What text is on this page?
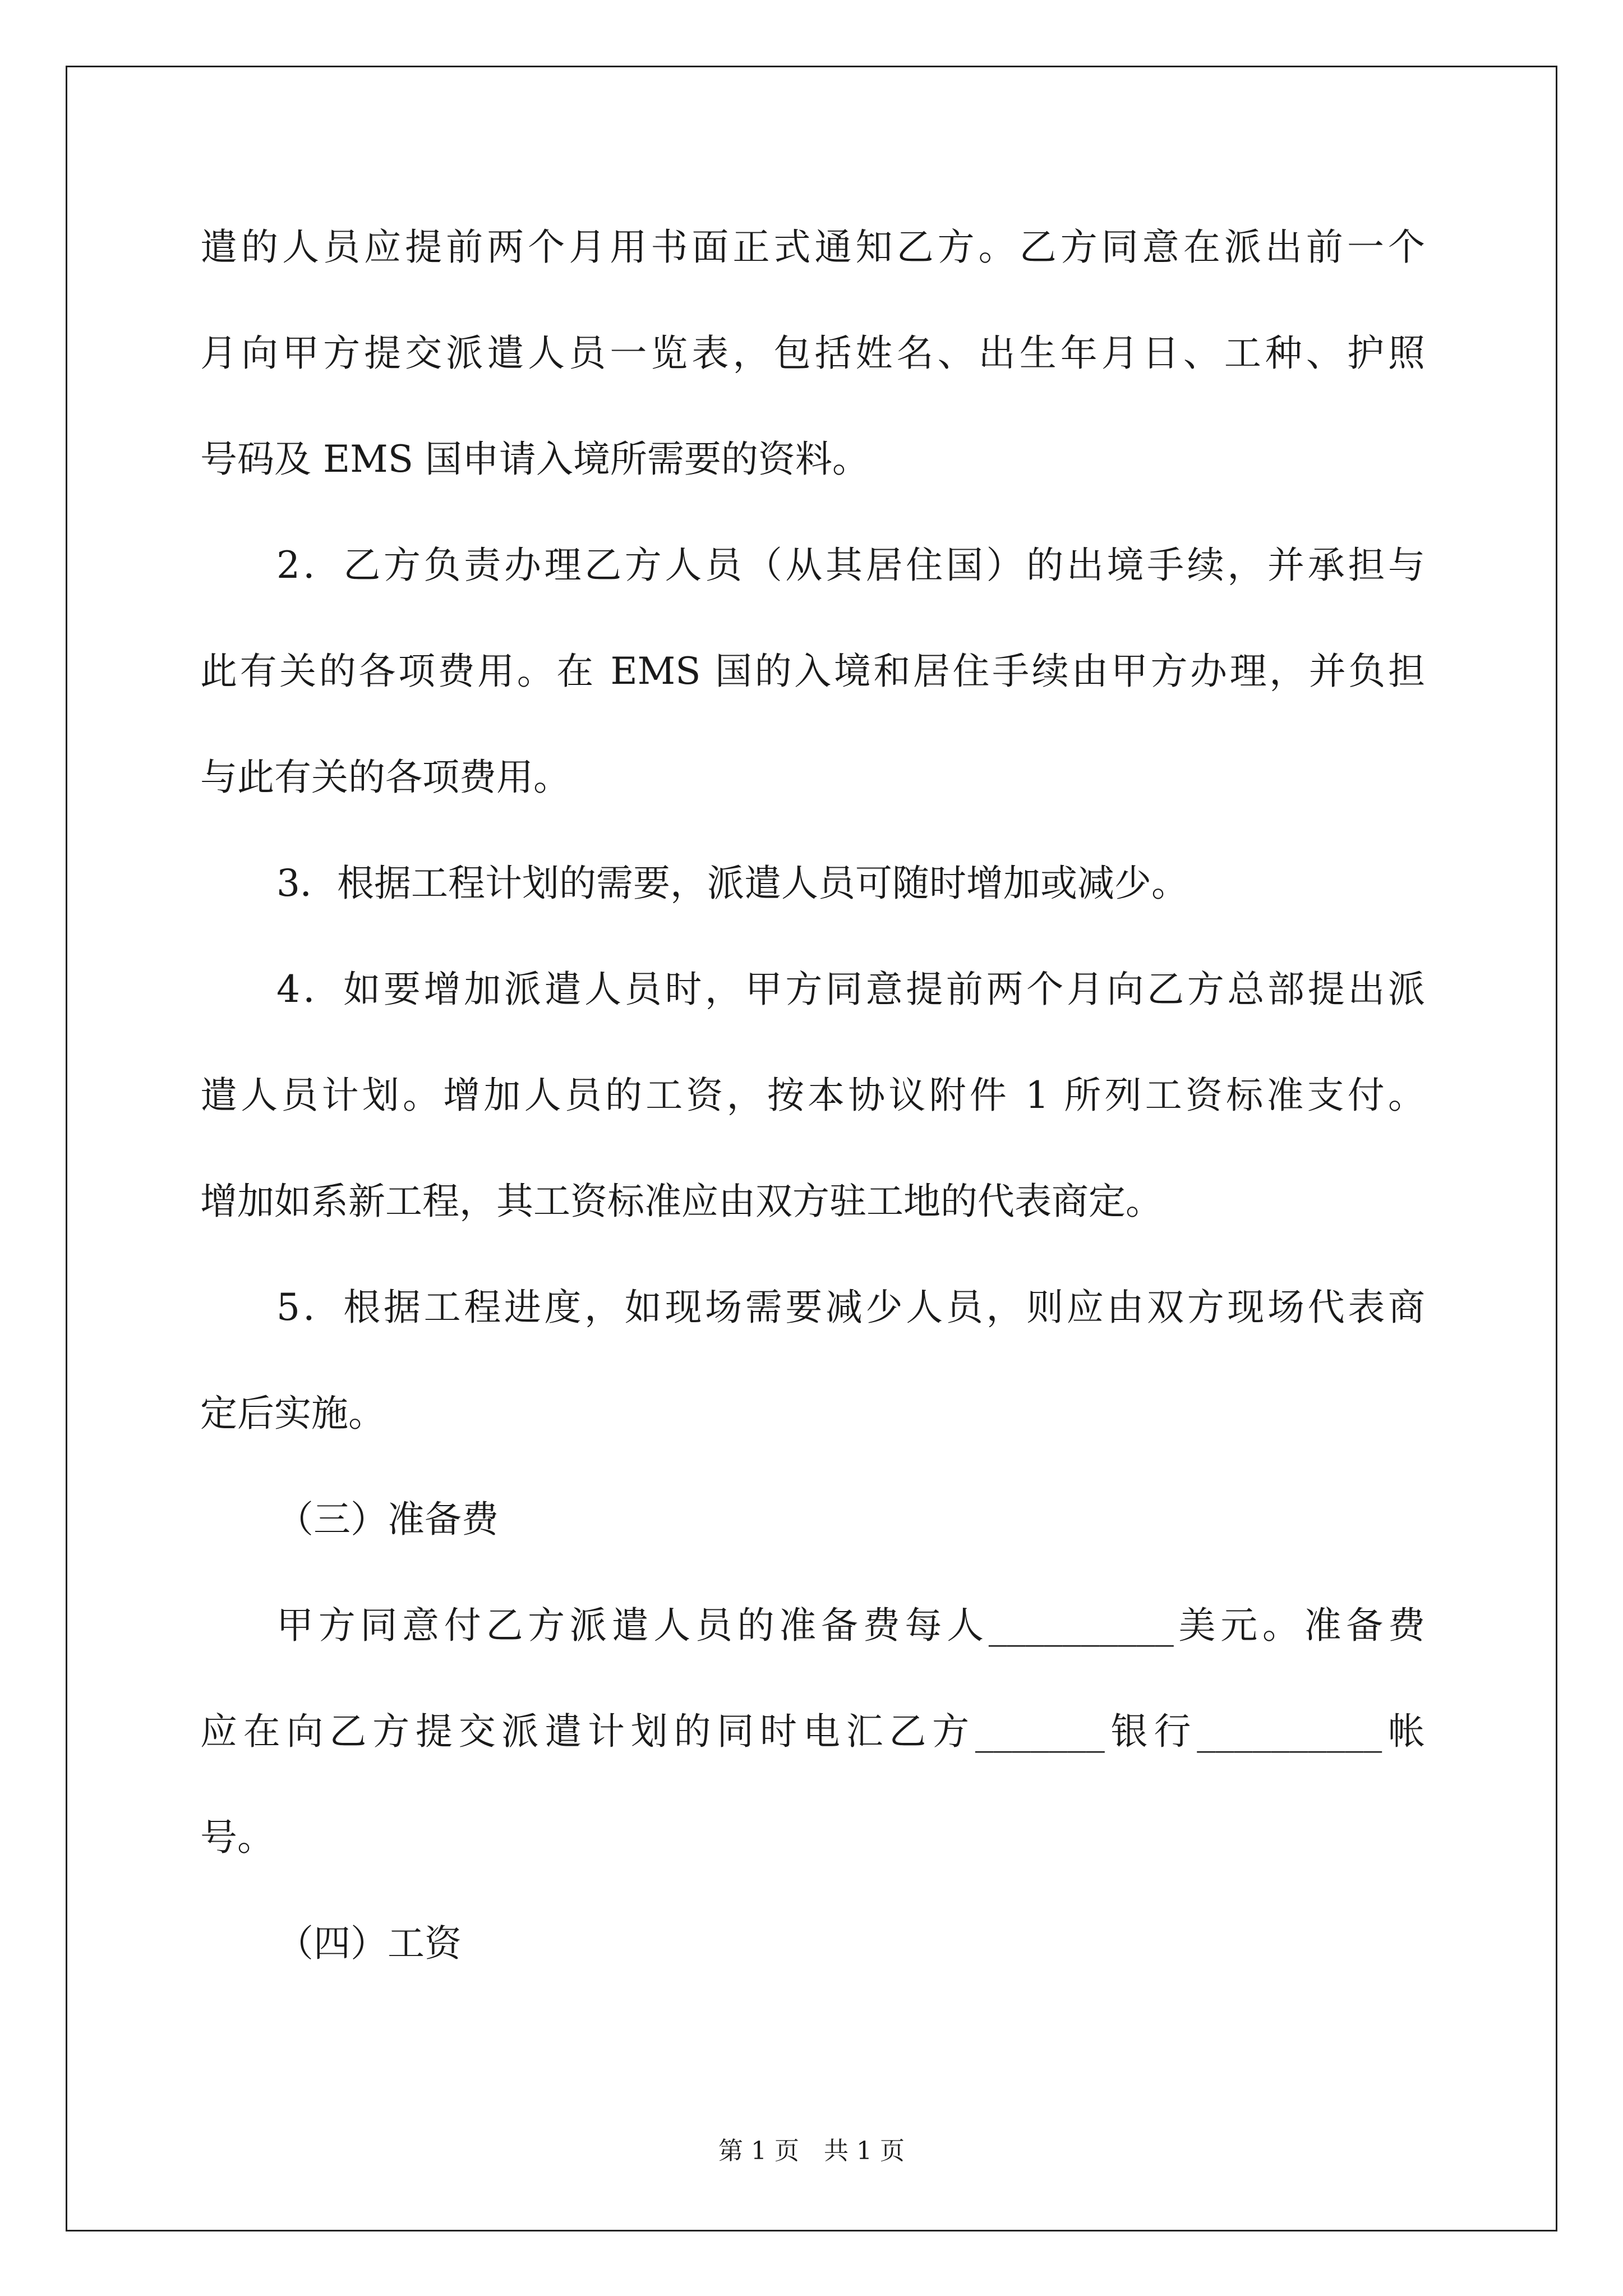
遣的人员应提前两个月用书面正式通知乙方。乙方同意在派出前一个

月向甲方提交派遣人员一览表，包括姓名、出生年月日、工种、护照

号码及 EMS 国申请入境所需要的资料。

2．乙方负责办理乙方人员（从其居住国）的出境手续，并承担与

此有关的各项费用。在 EMS 国的入境和居住手续由甲方办理，并负担

与此有关的各项费用。

3．根据工程计划的需要，派遣人员可随时增加或减少。

4．如要增加派遣人员时，甲方同意提前两个月向乙方总部提出派

遣人员计划。增加人员的工资，按本协议附件 1 所列工资标准支付。

增加如系新工程，其工资标准应由双方驻工地的代表商定。

5．根据工程进度，如现场需要减少人员，则应由双方现场代表商

定后实施。

（三）准备费

甲方同意付乙方派遣人员的准备费每人__________美元。准备费

应在向乙方提交派遣计划的同时电汇乙方_______银行__________帐

号。

（四）工资

第 1 页　共 1 页
